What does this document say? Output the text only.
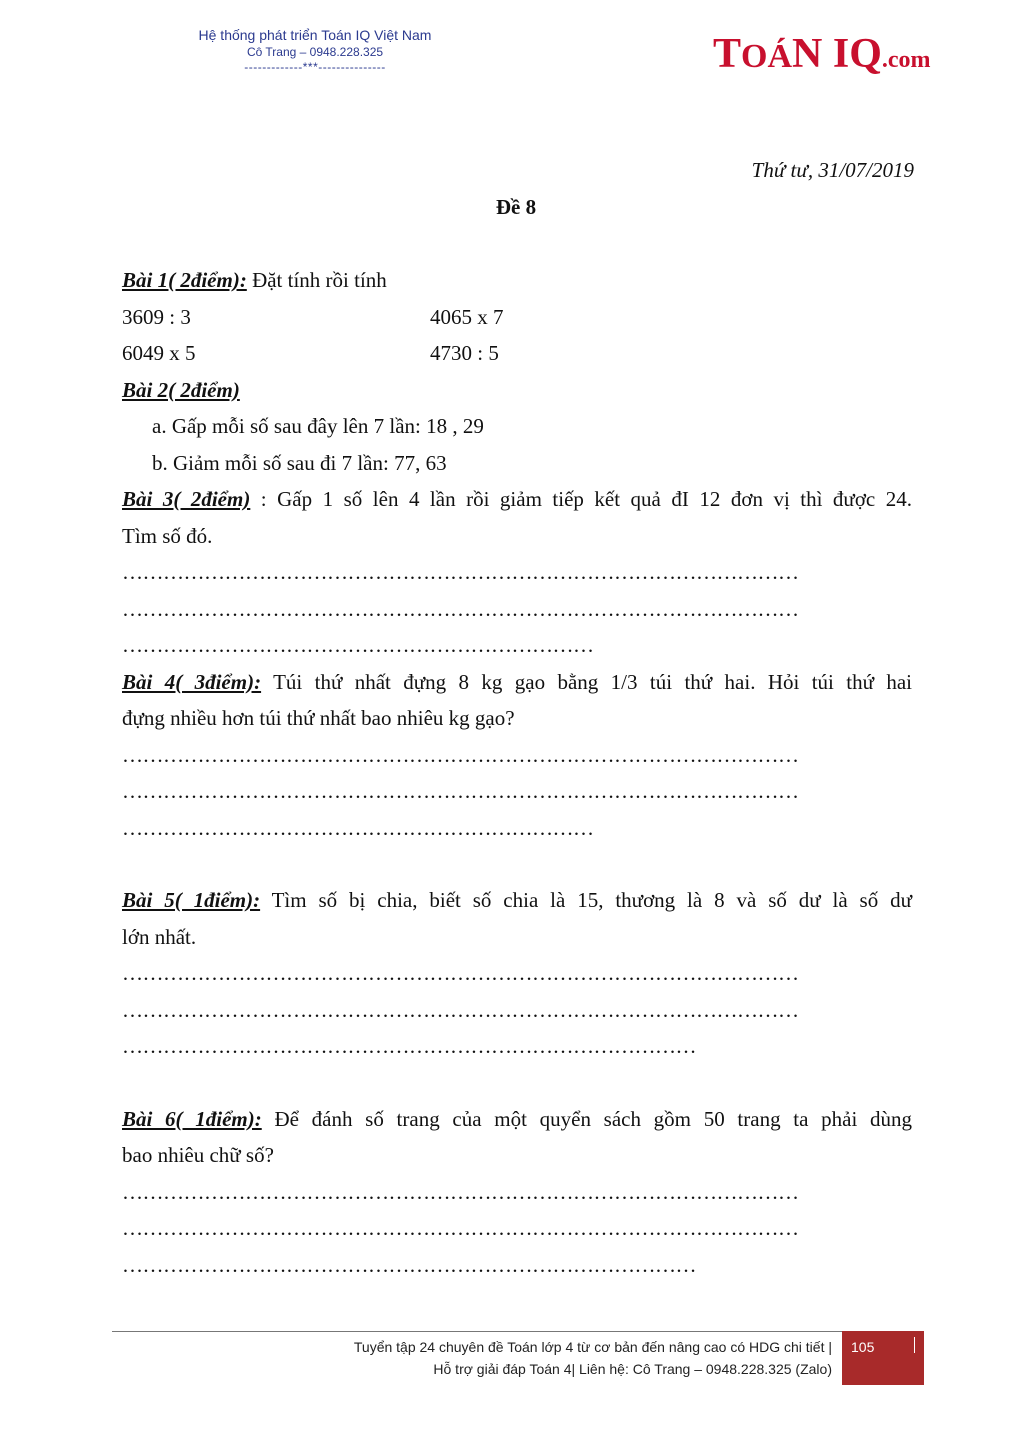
Hệ thống phát triển Toán IQ Việt Nam
Cô Trang – 0948.228.325
-------------***---------------	TOÁN IQ.com
Thứ tư, 31/07/2019
Đề 8
Bài 1( 2điểm): Đặt tính rồi tính
3609 : 3	4065 x 7
6049 x 5	4730 : 5
Bài 2( 2điểm)
a. Gấp mỗi số sau đây lên 7 lần: 18 , 29
b. Giảm mỗi số sau đi 7 lần: 77, 63
Bài 3( 2điểm) : Gấp 1 số lên 4 lần rồi giảm tiếp kết quả đI 12 đơn vị thì được 24.
Tìm số đó.
………………………………………………………………………………………
………………………………………………………………………………………
……………………………………………………………
Bài 4( 3điểm): Túi thứ nhất đựng 8 kg gạo bằng 1/3 túi thứ hai. Hỏi túi thứ hai
đựng nhiều hơn túi thứ nhất bao nhiêu kg gạo?
………………………………………………………………………………………
………………………………………………………………………………………
……………………………………………………………
Bài 5( 1điểm): Tìm số bị chia, biết số chia là 15, thương là 8 và số dư là số dư
lớn nhất.
………………………………………………………………………………………
………………………………………………………………………………………
…………………………………………………………………………
Bài 6( 1điểm): Để đánh số trang của một quyển sách gồm 50 trang ta phải dùng
bao nhiêu chữ số?
………………………………………………………………………………………
………………………………………………………………………………………
…………………………………………………………………………
Tuyển tập 24 chuyên đề Toán lớp 4 từ cơ bản đến nâng cao có HDG chi tiết |
Hỗ trợ giải đáp Toán 4| Liên hệ: Cô Trang – 0948.228.325 (Zalo)
105
